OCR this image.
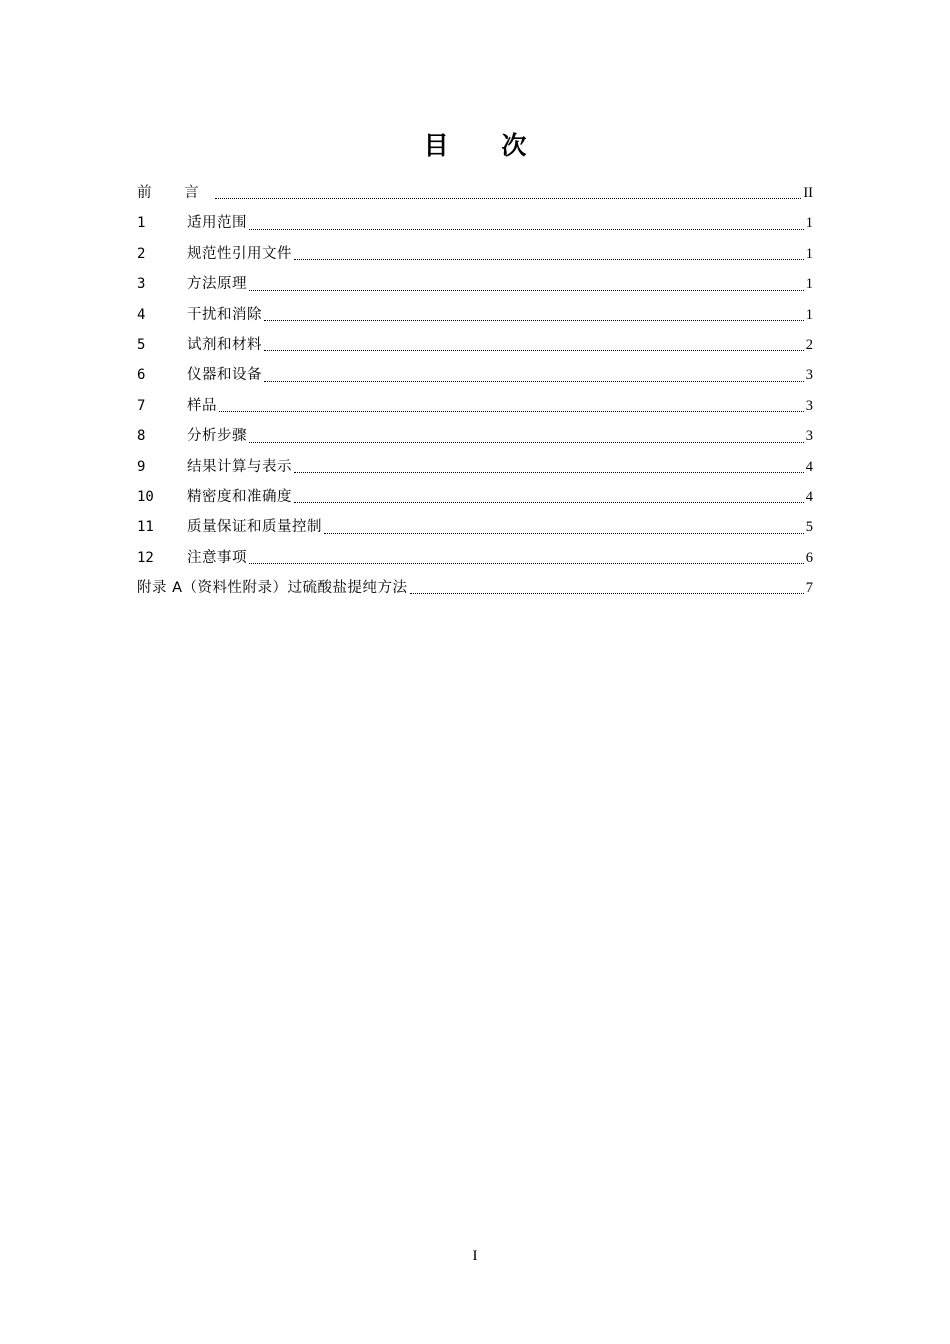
目 次
前 言	II
1	适用范围	1
2	规范性引用文件	1
3	方法原理	1
4	干扰和消除	1
5	试剂和材料	2
6	仪器和设备	3
7	样品	3
8	分析步骤	3
9	结果计算与表示	4
10	精密度和准确度	4
11	质量保证和质量控制	5
12	注意事项	6
附录 A（资料性附录）过硫酸盐提纯方法	7
I
